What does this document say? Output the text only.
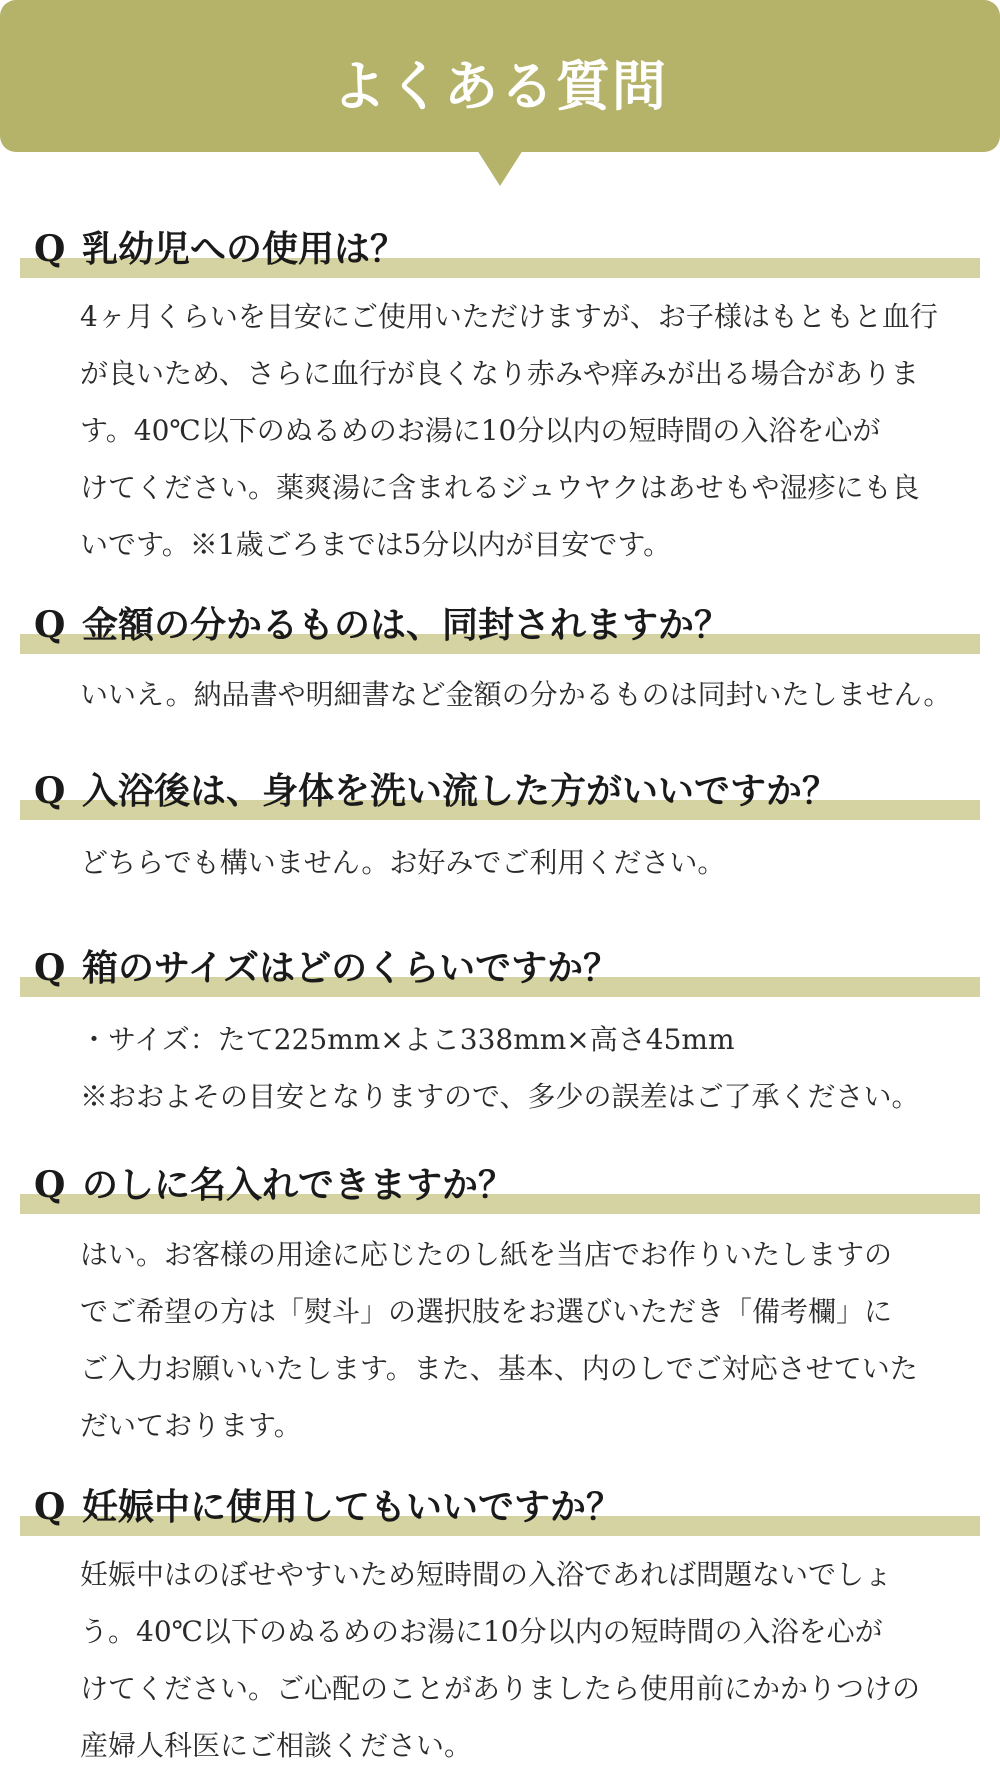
よくある質問
Q 乳幼児への使用は？

4ヶ月くらいを目安にご使用いただけますが、お子様はもともと血行
が良いため、さらに血行が良くなり赤みや痒みが出る場合がありま
す。40℃以下のぬるめのお湯に10分以内の短時間の入浴を心が
けてください。薬爽湯に含まれるジュウヤクはあせもや湿疹にも良
いです。※1歳ごろまでは5分以内が目安です。

Q 金額の分かるものは、同封されますか？

いいえ。納品書や明細書など金額の分かるものは同封いたしません。

Q 入浴後は、身体を洗い流した方がいいですか？

どちらでも構いません。お好みでご利用ください。

Q 箱のサイズはどのくらいですか？

・サイズ：たて225mm×よこ338mm×高さ45mm
※おおよその目安となりますので、多少の誤差はご了承ください。

Q のしに名入れできますか？

はい。お客様の用途に応じたのし紙を当店でお作りいたしますの
でご希望の方は「熨斗」の選択肢をお選びいただき「備考欄」に
ご入力お願いいたします。また、基本、内のしでご対応させていた
だいております。

Q 妊娠中に使用してもいいですか？

妊娠中はのぼせやすいため短時間の入浴であれば問題ないでしょ
う。40℃以下のぬるめのお湯に10分以内の短時間の入浴を心が
けてください。ご心配のことがありましたら使用前にかかりつけの
産婦人科医にご相談ください。
